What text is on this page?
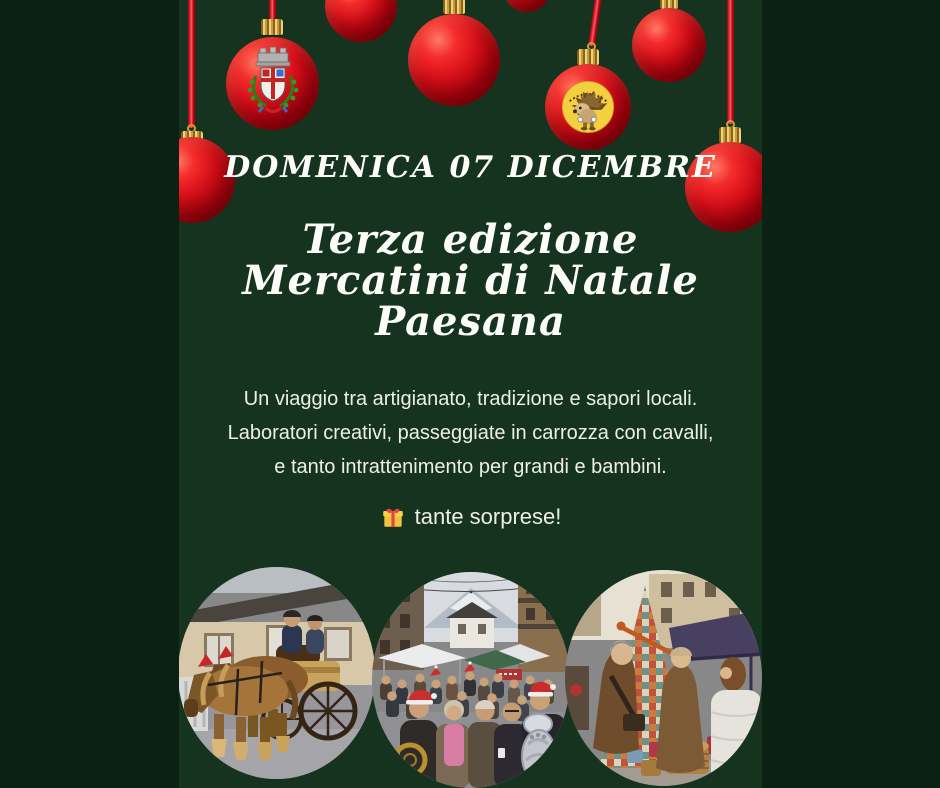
DOMENICA 07 DICEMBRE
Terza edizione
Mercatini di Natale
Paesana
Un viaggio tra artigianato, tradizione e sapori locali.
Laboratori creativi, passeggiate in carrozza con cavalli,
e tanto intrattenimento per grandi e bambini.
tante sorprese!
